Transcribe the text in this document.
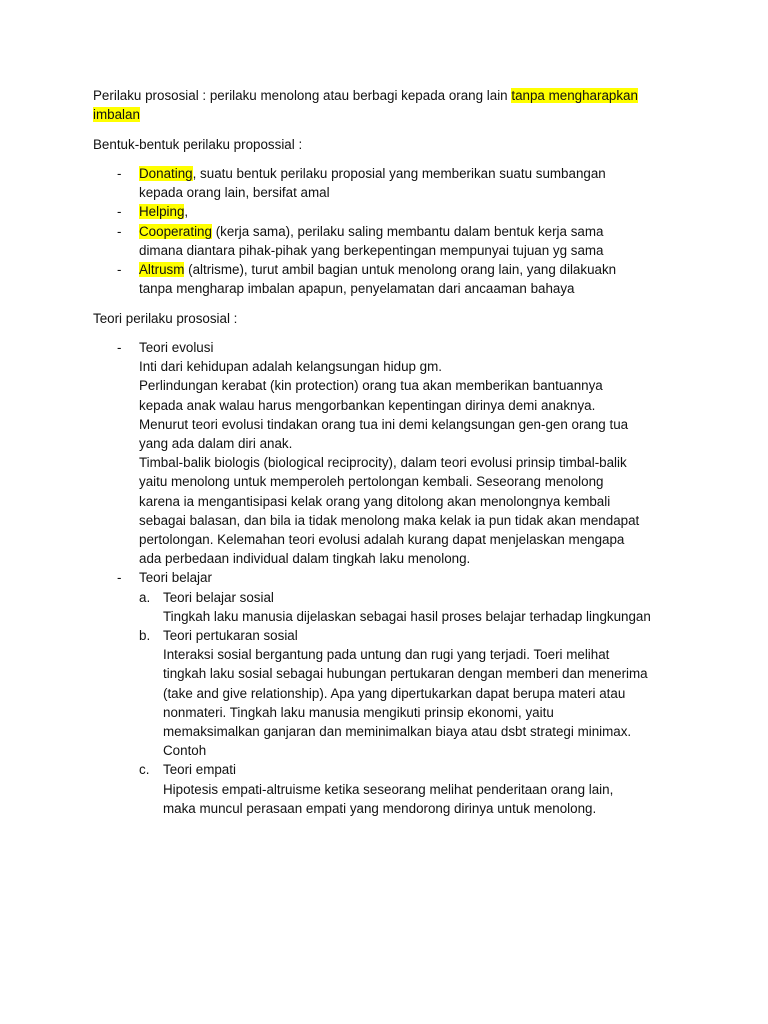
Perilaku prososial : perilaku menolong atau berbagi kepada orang lain tanpa mengharapkan imbalan

Bentuk-bentuk perilaku propossial :

- Donating, suatu bentuk perilaku proposial yang memberikan suatu sumbangan
kepada orang lain, bersifat amal
- Helping,
- Cooperating (kerja sama), perilaku saling membantu dalam bentuk kerja sama
dimana diantara pihak-pihak yang berkepentingan mempunyai tujuan yg sama
- Altrusm (altrisme), turut ambil bagian untuk menolong orang lain, yang dilakuakn
tanpa mengharap imbalan apapun, penyelamatan dari ancaaman bahaya

Teori perilaku prososial :

- Teori evolusi
Inti dari kehidupan adalah kelangsungan hidup gm.
Perlindungan kerabat (kin protection) orang tua akan memberikan bantuannya
kepada anak walau harus mengorbankan kepentingan dirinya demi anaknya.
Menurut teori evolusi tindakan orang tua ini demi kelangsungan gen-gen orang tua
yang ada dalam diri anak.
Timbal-balik biologis (biological reciprocity), dalam teori evolusi prinsip timbal-balik
yaitu menolong untuk memperoleh pertolongan kembali. Seseorang menolong
karena ia mengantisipasi kelak orang yang ditolong akan menolongnya kembali
sebagai balasan, dan bila ia tidak menolong maka kelak ia pun tidak akan mendapat
pertolongan. Kelemahan teori evolusi adalah kurang dapat menjelaskan mengapa
ada perbedaan individual dalam tingkah laku menolong.
- Teori belajar
a. Teori belajar sosial
Tingkah laku manusia dijelaskan sebagai hasil proses belajar terhadap lingkungan
b. Teori pertukaran sosial
Interaksi sosial bergantung pada untung dan rugi yang terjadi. Toeri melihat
tingkah laku sosial sebagai hubungan pertukaran dengan memberi dan menerima
(take and give relationship). Apa yang dipertukarkan dapat berupa materi atau
nonmateri. Tingkah laku manusia mengikuti prinsip ekonomi, yaitu
memaksimalkan ganjaran dan meminimalkan biaya atau dsbt strategi minimax.
Contoh
c. Teori empati
Hipotesis empati-altruisme ketika seseorang melihat penderitaan orang lain,
maka muncul perasaan empati yang mendorong dirinya untuk menolong.
